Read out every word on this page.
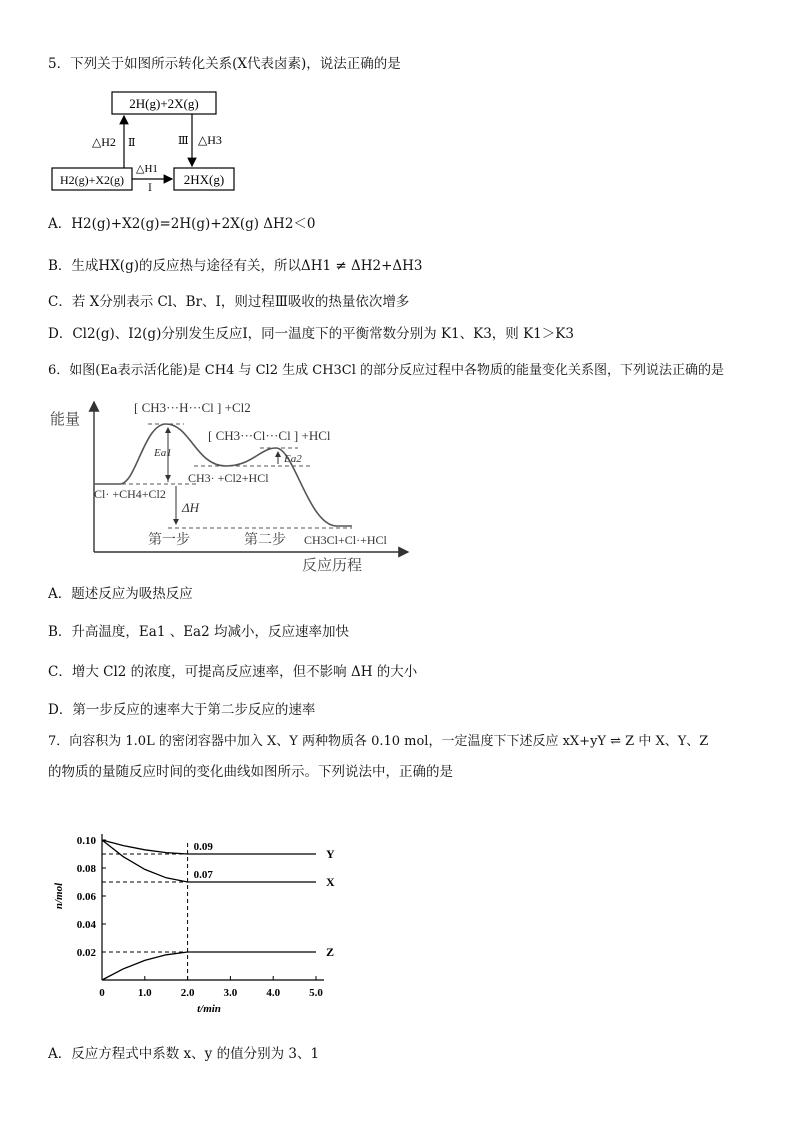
5．下列关于如图所示转化关系(X代表卤素)，说法正确的是
2H(g)+2X(g)
H2(g)+X2(g)	2HX(g)
△H2 Ⅱ	Ⅲ △H3
△H1
Ⅰ
A．H2(g)+X2(g)=2H(g)+2X(g) ΔH2＜0
B．生成HX(g)的反应热与途径有关，所以ΔH1 ≠ ΔH2+ΔH3
C．若 X分别表示 Cl、Br、I，则过程Ⅲ吸收的热量依次增多
D．Cl2(g)、I2(g)分别发生反应Ⅰ，同一温度下的平衡常数分别为 K1、K3，则 K1＞K3
6．如图(Ea表示活化能)是 CH4 与 Cl2 生成 CH3Cl 的部分反应过程中各物质的能量变化关系图，下列说法正确的是
能量
反应历程
[ CH3···H···Cl ] +Cl2
[ CH3···Cl···Cl ] +HCl
Ea1	Ea2
CH3· +Cl2+HCl
Cl· +CH4+Cl2
ΔH
第一步	第二步 CH3Cl+Cl·+HCl
A．题述反应为吸热反应
B．升高温度，Ea1 、Ea2 均减小，反应速率加快
C．增大 Cl2 的浓度，可提高反应速率，但不影响 ΔH 的大小
D．第一步反应的速率大于第二步反应的速率
7．向容积为 1.0L 的密闭容器中加入 X、Y 两种物质各 0.10 mol，一定温度下下述反应 xX+yY ⇌ Z 中 X、Y、Z
的物质的量随反应时间的变化曲线如图所示。下列说法中，正确的是
0	1.0	2.0	3.0	4.0	5.0
0.10
0.08
0.06
0.04
0.02
t/min
n/mol
Y
X
Z
0.09
0.07
A．反应方程式中系数 x、y 的值分别为 3、1
